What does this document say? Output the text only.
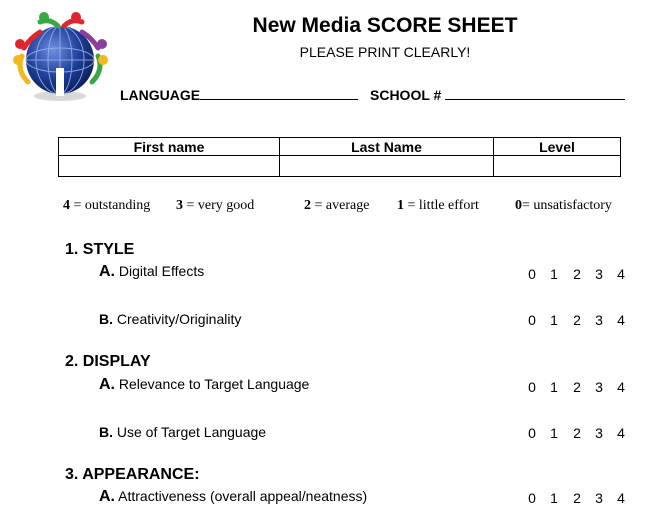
New Media SCORE SHEET
PLEASE PRINT CLEARLY!
LANGUAGE	SCHOOL #
First name	Last Name	Level

4 = outstanding 3 = very good	2 = average 1 = little effort	0= unsatisfactory
1. STYLE
A. Digital Effects	0 1 2 3 4
B. Creativity/Originality	0 1 2 3 4
2. DISPLAY
A. Relevance to Target Language	0 1 2 3 4
B. Use of Target Language	0 1 2 3 4
3. APPEARANCE:
A. Attractiveness (overall appeal/neatness)	0 1 2 3 4
